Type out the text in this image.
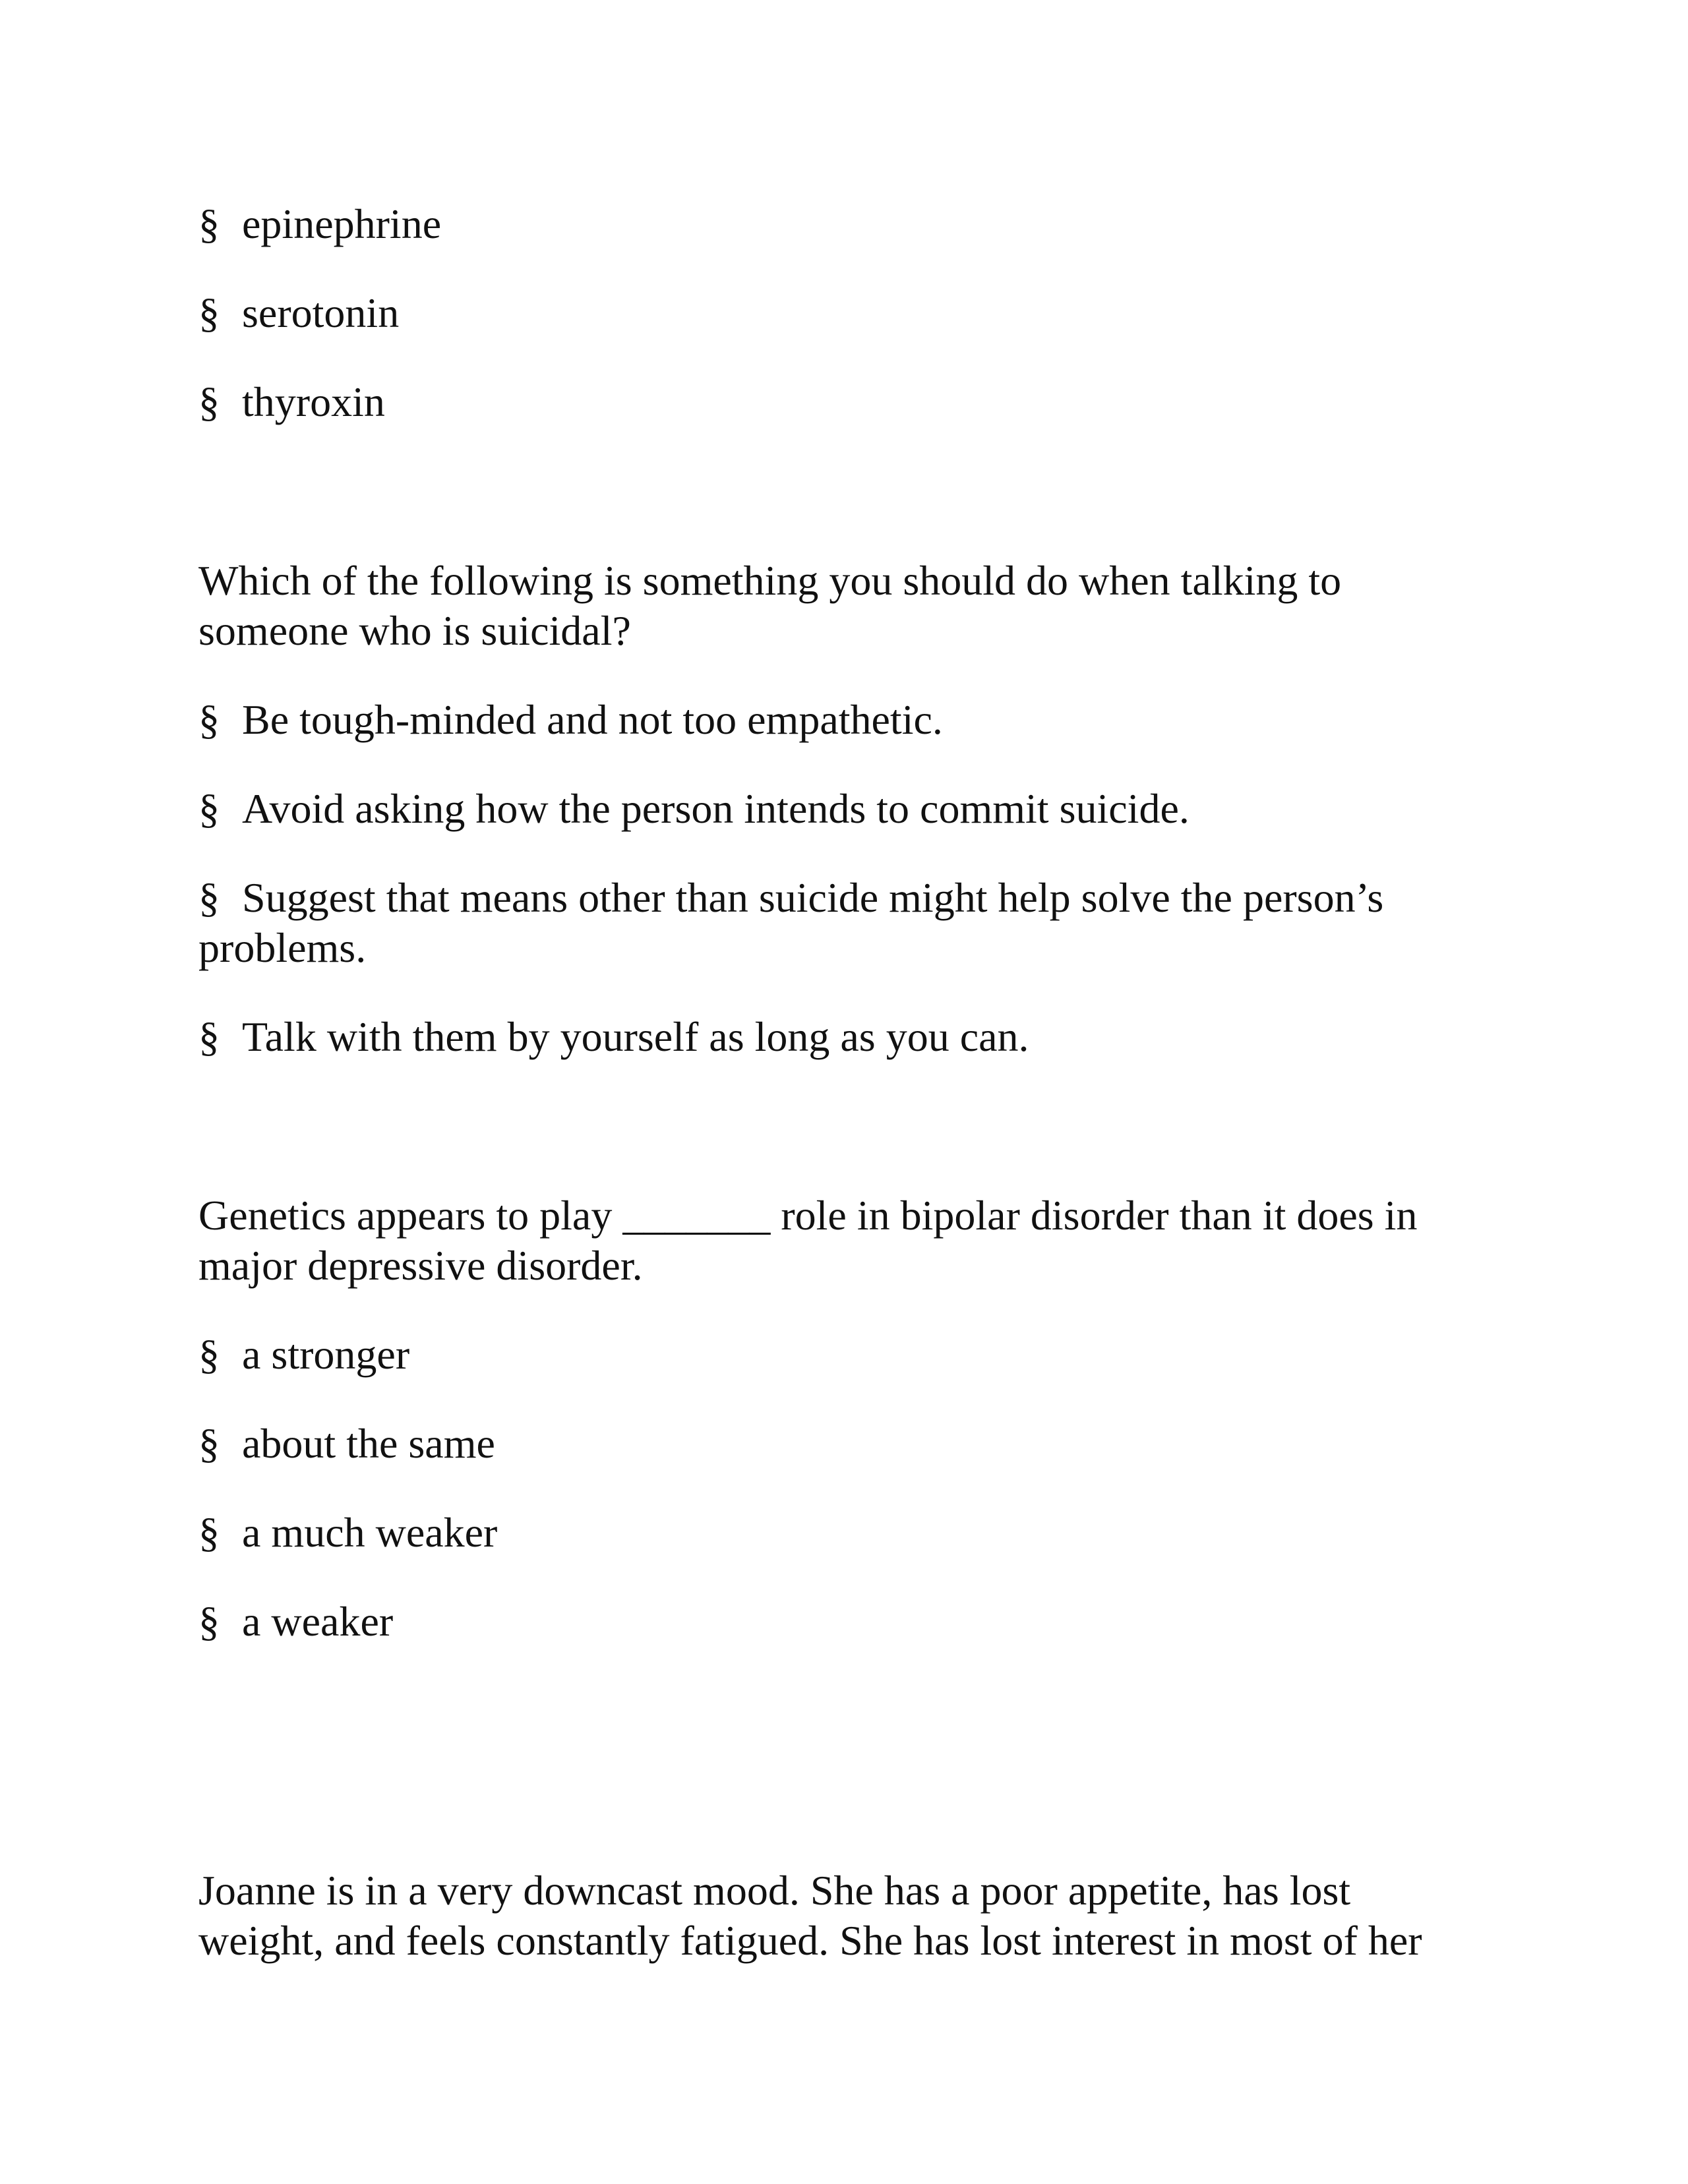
§ epinephrine
§ serotonin
§ thyroxin
Which of the following is something you should do when talking to
someone who is suicidal?
§ Be tough-minded and not too empathetic.
§ Avoid asking how the person intends to commit suicide.
§ Suggest that means other than suicide might help solve the person’s
problems.
§ Talk with them by yourself as long as you can.
Genetics appears to play _______ role in bipolar disorder than it does in
major depressive disorder.
§ a stronger
§ about the same
§ a much weaker
§ a weaker
Joanne is in a very downcast mood. She has a poor appetite, has lost
weight, and feels constantly fatigued. She has lost interest in most of her
